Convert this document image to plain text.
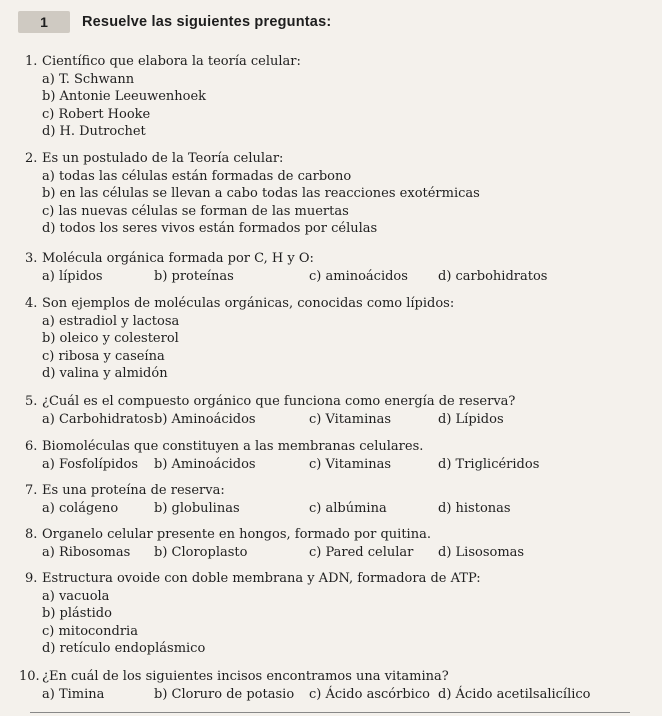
1	Resuelve las siguientes preguntas:
1. Científico que elabora la teoría celular:
a) T. Schwann
b) Antonie Leeuwenhoek
c) Robert Hooke
d) H. Dutrochet
2. Es un postulado de la Teoría celular:
a) todas las células están formadas de carbono
b) en las células se llevan a cabo todas las reacciones exotérmicas
c) las nuevas células se forman de las muertas
d) todos los seres vivos están formados por células
3. Molécula orgánica formada por C, H y O:
a) lípidos	b) proteínas	c) aminoácidos d) carbohidratos
4. Son ejemplos de moléculas orgánicas, conocidas como lípidos:
a) estradiol y lactosa
b) oleico y colesterol
c) ribosa y caseína
d) valina y almidón
5. ¿Cuál es el compuesto orgánico que funciona como energía de reserva?
a) Carbohidratos b) Aminoácidos	c) Vitaminas	d) Lípidos
6. Biomoléculas que constituyen a las membranas celulares.
a) Fosfolípidos b) Aminoácidos	c) Vitaminas	d) Triglicéridos
7. Es una proteína de reserva:
a) colágeno	b) globulinas	c) albúmina	d) histonas
8. Organelo celular presente en hongos, formado por quitina.
a) Ribosomas b) Cloroplasto	c) Pared celular d) Lisosomas
9. Estructura ovoide con doble membrana y ADN, formadora de ATP:
a) vacuola
b) plástido
c) mitocondria
d) retículo endoplásmico
10. ¿En cuál de los siguientes incisos encontramos una vitamina?
a) Timina	b) Cloruro de potasio c) Ácido ascórbico d) Ácido acetilsalicílico
